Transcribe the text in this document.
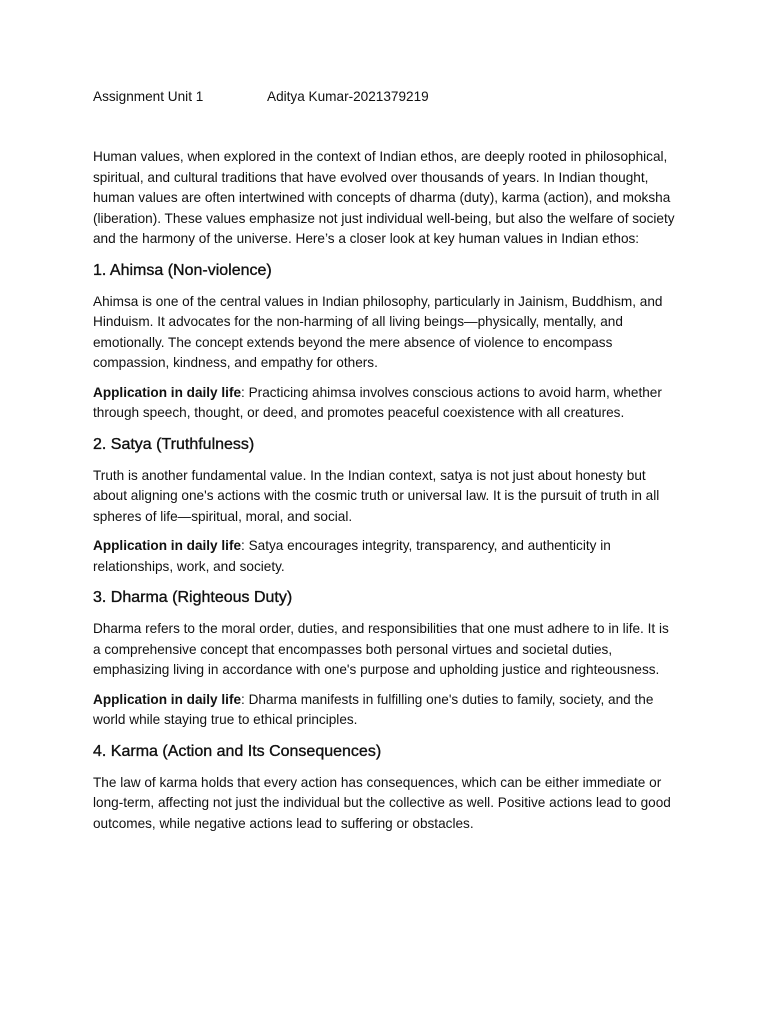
Assignment Unit 1	Aditya Kumar-2021379219

Human values, when explored in the context of Indian ethos, are deeply rooted in philosophical, spiritual, and cultural traditions that have evolved over thousands of years. In Indian thought, human values are often intertwined with concepts of dharma (duty), karma (action), and moksha (liberation). These values emphasize not just individual well-being, but also the welfare of society and the harmony of the universe. Here’s a closer look at key human values in Indian ethos:

1. Ahimsa (Non-violence)

Ahimsa is one of the central values in Indian philosophy, particularly in Jainism, Buddhism, and Hinduism. It advocates for the non-harming of all living beings—physically, mentally, and emotionally. The concept extends beyond the mere absence of violence to encompass compassion, kindness, and empathy for others.

Application in daily life: Practicing ahimsa involves conscious actions to avoid harm, whether through speech, thought, or deed, and promotes peaceful coexistence with all creatures.

2. Satya (Truthfulness)

Truth is another fundamental value. In the Indian context, satya is not just about honesty but about aligning one's actions with the cosmic truth or universal law. It is the pursuit of truth in all spheres of life—spiritual, moral, and social.

Application in daily life: Satya encourages integrity, transparency, and authenticity in relationships, work, and society.

3. Dharma (Righteous Duty)

Dharma refers to the moral order, duties, and responsibilities that one must adhere to in life. It is a comprehensive concept that encompasses both personal virtues and societal duties, emphasizing living in accordance with one's purpose and upholding justice and righteousness.

Application in daily life: Dharma manifests in fulfilling one's duties to family, society, and the world while staying true to ethical principles.

4. Karma (Action and Its Consequences)

The law of karma holds that every action has consequences, which can be either immediate or long-term, affecting not just the individual but the collective as well. Positive actions lead to good outcomes, while negative actions lead to suffering or obstacles.
